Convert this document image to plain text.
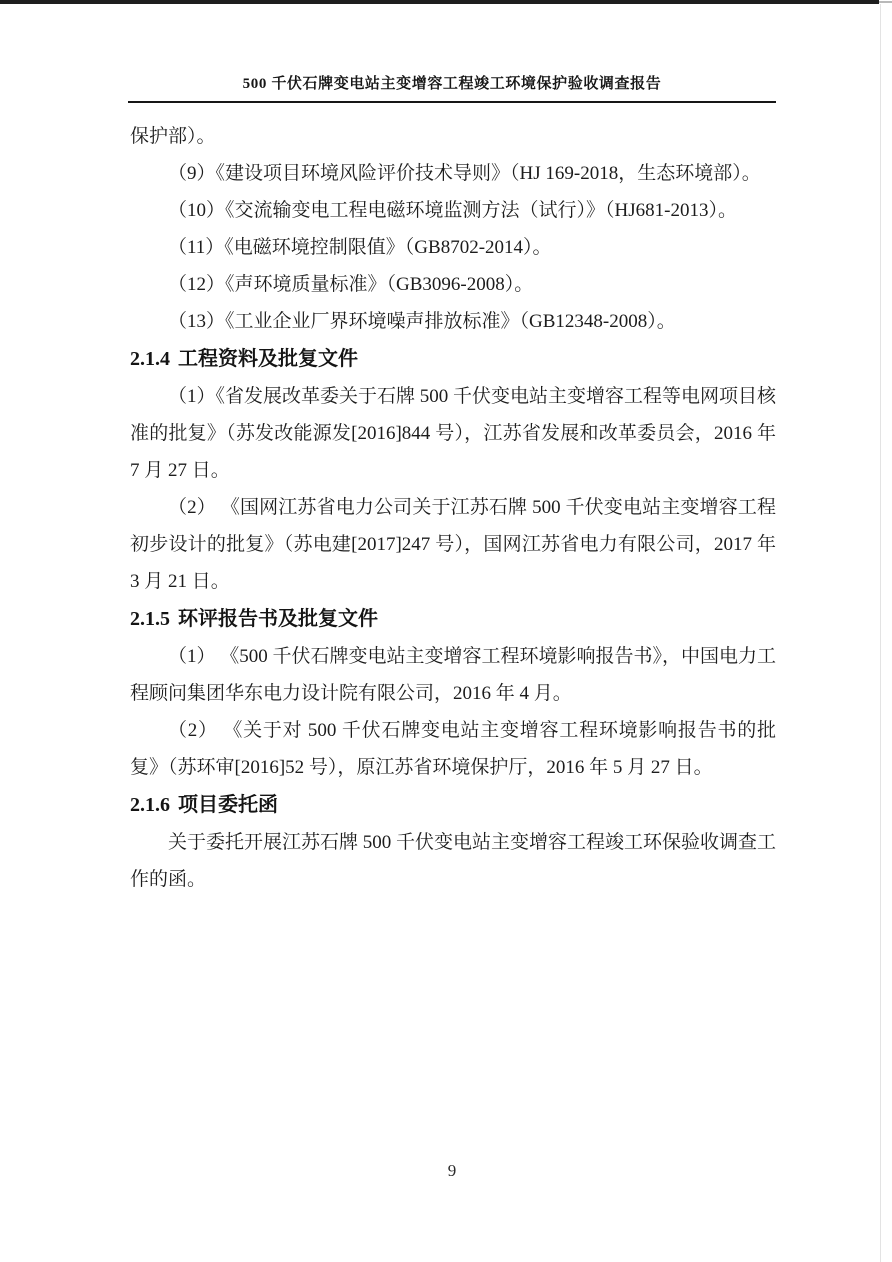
500 千伏石牌变电站主变增容工程竣工环境保护验收调查报告

保护部）。

（9）《建设项目环境风险评价技术导则》（HJ 169-2018，生态环境部）。

（10）《交流输变电工程电磁环境监测方法（试行）》（HJ681-2013）。

（11）《电磁环境控制限值》（GB8702-2014）。

（12）《声环境质量标准》（GB3096-2008）。

（13）《工业企业厂界环境噪声排放标准》（GB12348-2008）。

2.1.4 工程资料及批复文件

（1）《省发展改革委关于石牌 500 千伏变电站主变增容工程等电网项目核准的批复》（苏发改能源发[2016]844 号），江苏省发展和改革委员会，2016 年 7 月 27 日。

（2） 《国网江苏省电力公司关于江苏石牌 500 千伏变电站主变增容工程初步设计的批复》（苏电建[2017]247 号），国网江苏省电力有限公司，2017 年 3 月 21 日。

2.1.5 环评报告书及批复文件

（1） 《500 千伏石牌变电站主变增容工程环境影响报告书》，中国电力工程顾问集团华东电力设计院有限公司，2016 年 4 月。

（2） 《关于对 500 千伏石牌变电站主变增容工程环境影响报告书的批复》（苏环审[2016]52 号），原江苏省环境保护厅，2016 年 5 月 27 日。

2.1.6 项目委托函

关于委托开展江苏石牌 500 千伏变电站主变增容工程竣工环保验收调查工作的函。

9
